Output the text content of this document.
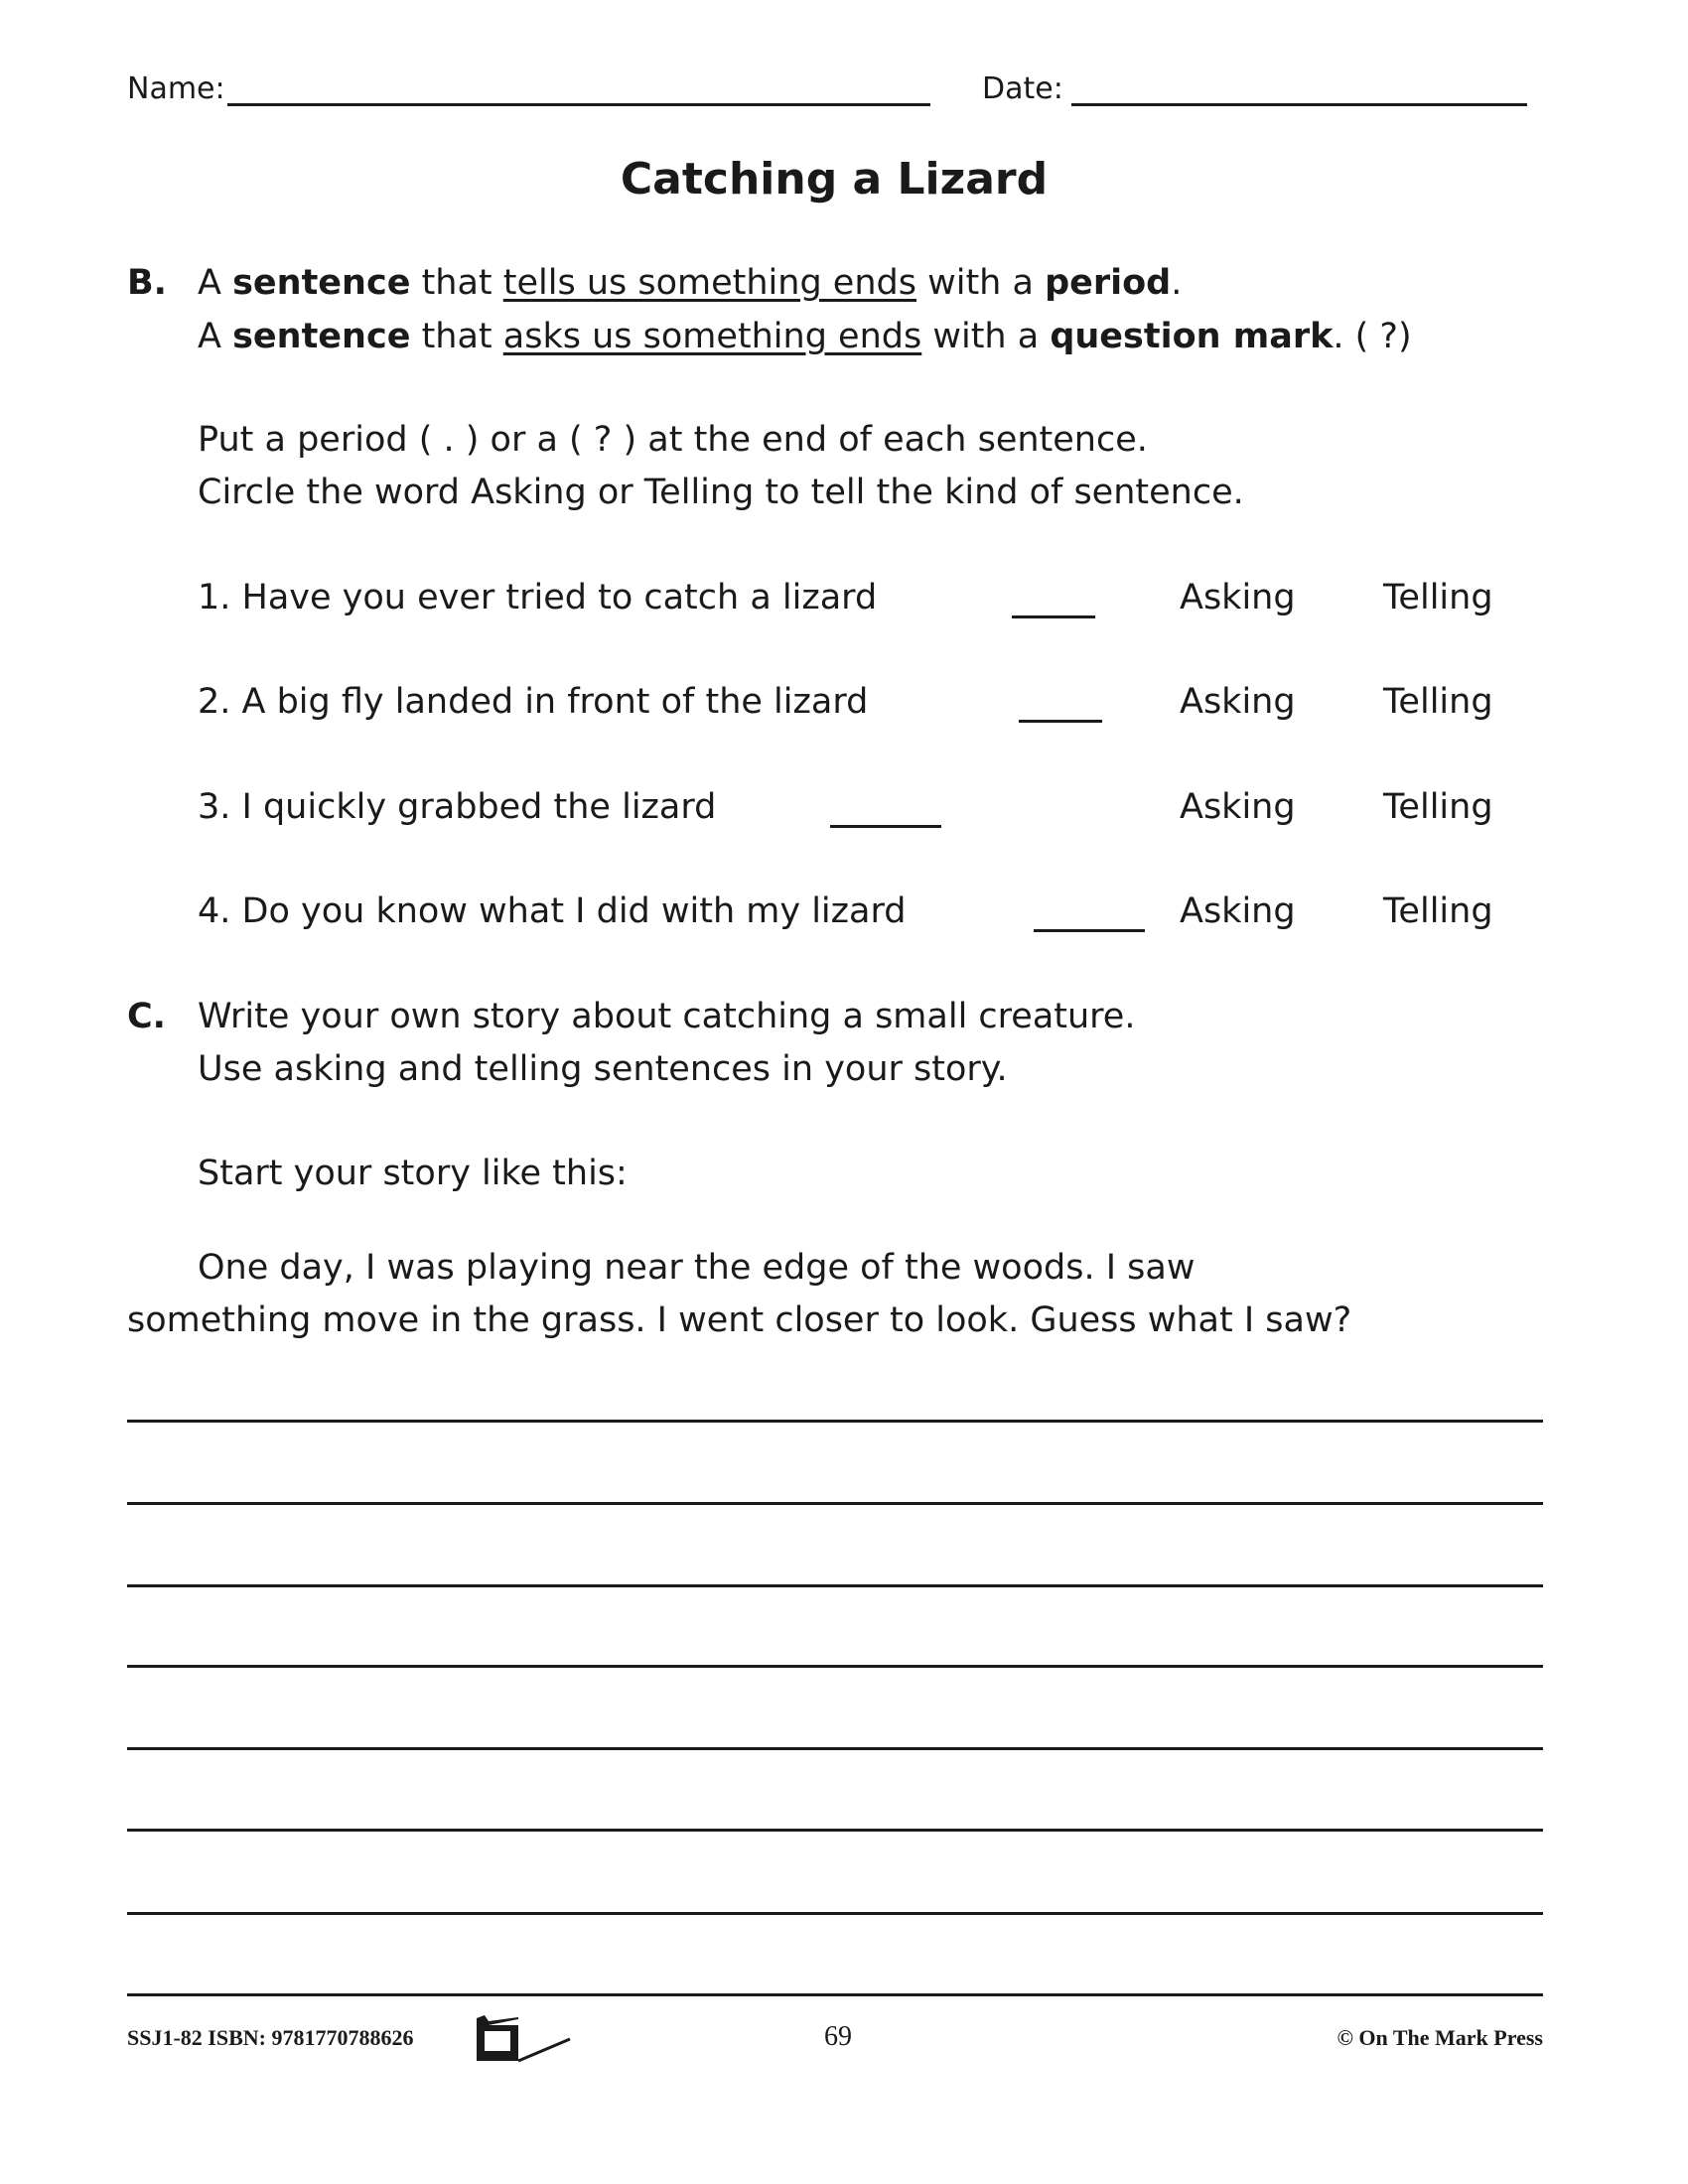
Name:	Date:
Catching a Lizard
B. A sentence that tells us something ends with a period.
A sentence that asks us something ends with a question mark. ( ?)
Put a period ( . ) or a ( ? ) at the end of each sentence.
Circle the word Asking or Telling to tell the kind of sentence.
1. Have you ever tried to catch a lizard	Asking	Telling
2. A big fly landed in front of the lizard	Asking	Telling
3. I quickly grabbed the lizard	Asking	Telling
4. Do you know what I did with my lizard	Asking	Telling
C. Write your own story about catching a small creature.
Use asking and telling sentences in your story.
Start your story like this:
One day, I was playing near the edge of the woods. I saw
something move in the grass. I went closer to look. Guess what I saw?
SSJ1-82 ISBN: 9781770788626	69	© On The Mark Press
